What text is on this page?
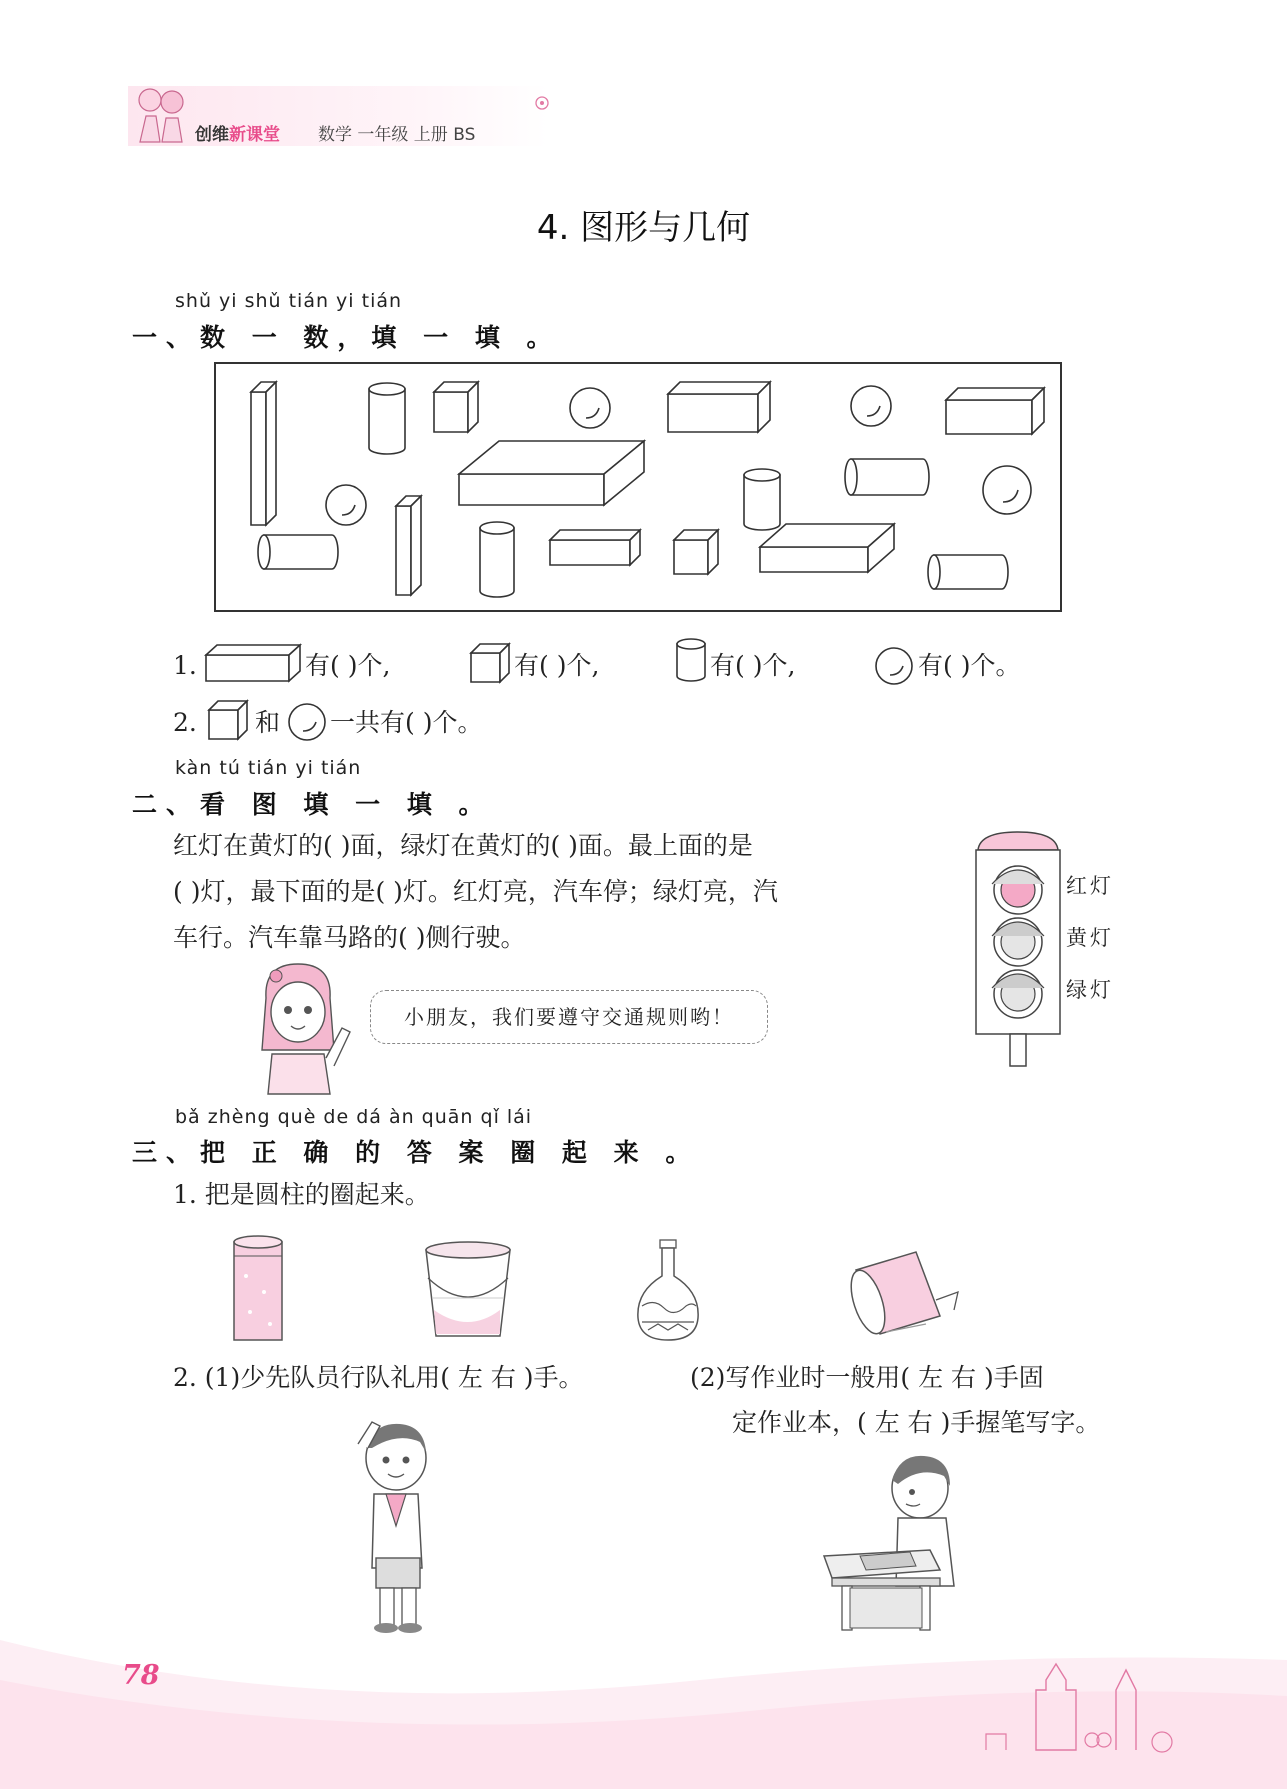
创维新课堂 数学 一年级 上册 BS
4. 图形与几何
shǔ yi shǔ tián yi tián
一、数 一 数，填 一 填 。
1.	有( )个,	有( )个,	有( )个,	有( )个。
2. 和 一共有( )个。
kàn tú tián yi tián
二、看 图 填 一 填 。
红灯在黄灯的( )面，绿灯在黄灯的( )面。最上面的是
( )灯，最下面的是( )灯。红灯亮，汽车停；绿灯亮，汽
车行。汽车靠马路的( )侧行驶。
小朋友，我们要遵守交通规则哟！
红灯
黄灯
绿灯
bǎ zhèng què de dá àn quān qǐ lái
三、把 正 确 的 答 案 圈 起 来 。
1. 把是圆柱的圈起来。
2. (1)少先队员行队礼用( 左 右 )手。	(2)写作业时一般用( 左 右 )手固
定作业本，( 左 右 )手握笔写字。
78
